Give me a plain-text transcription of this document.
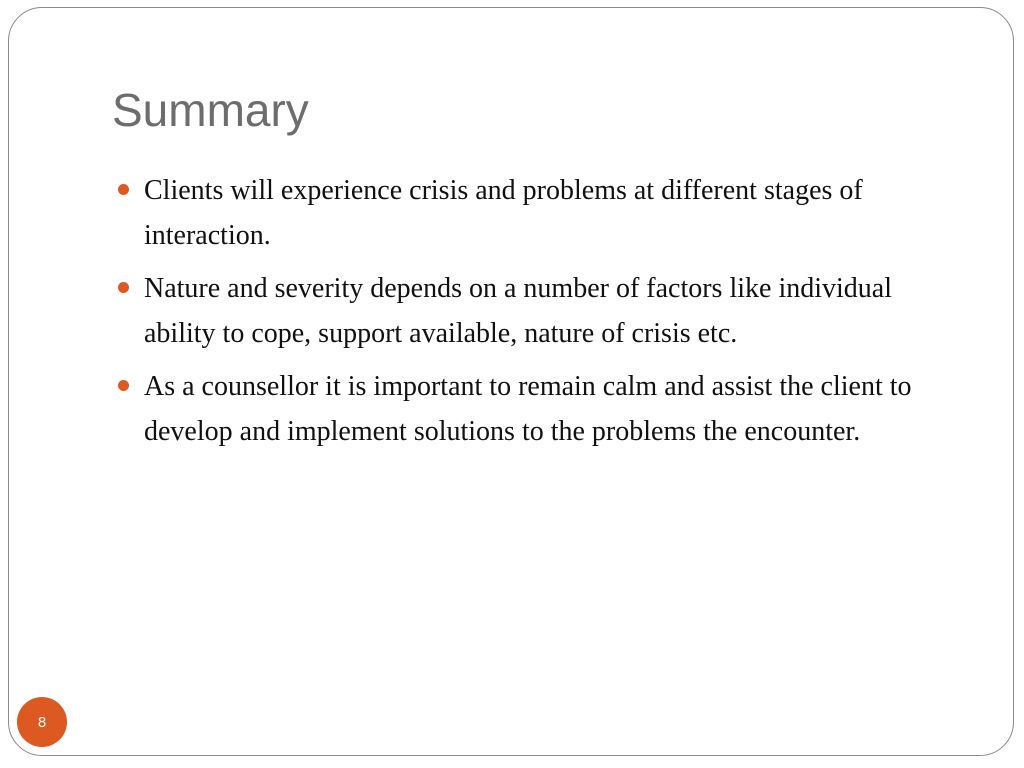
Summary
Clients will experience crisis and problems at different stages of interaction.
Nature and severity depends on a number of factors like individual ability to cope, support available, nature of crisis etc.
As a counsellor it is important to remain calm and assist the client to  develop and implement solutions to the problems the encounter.
8
